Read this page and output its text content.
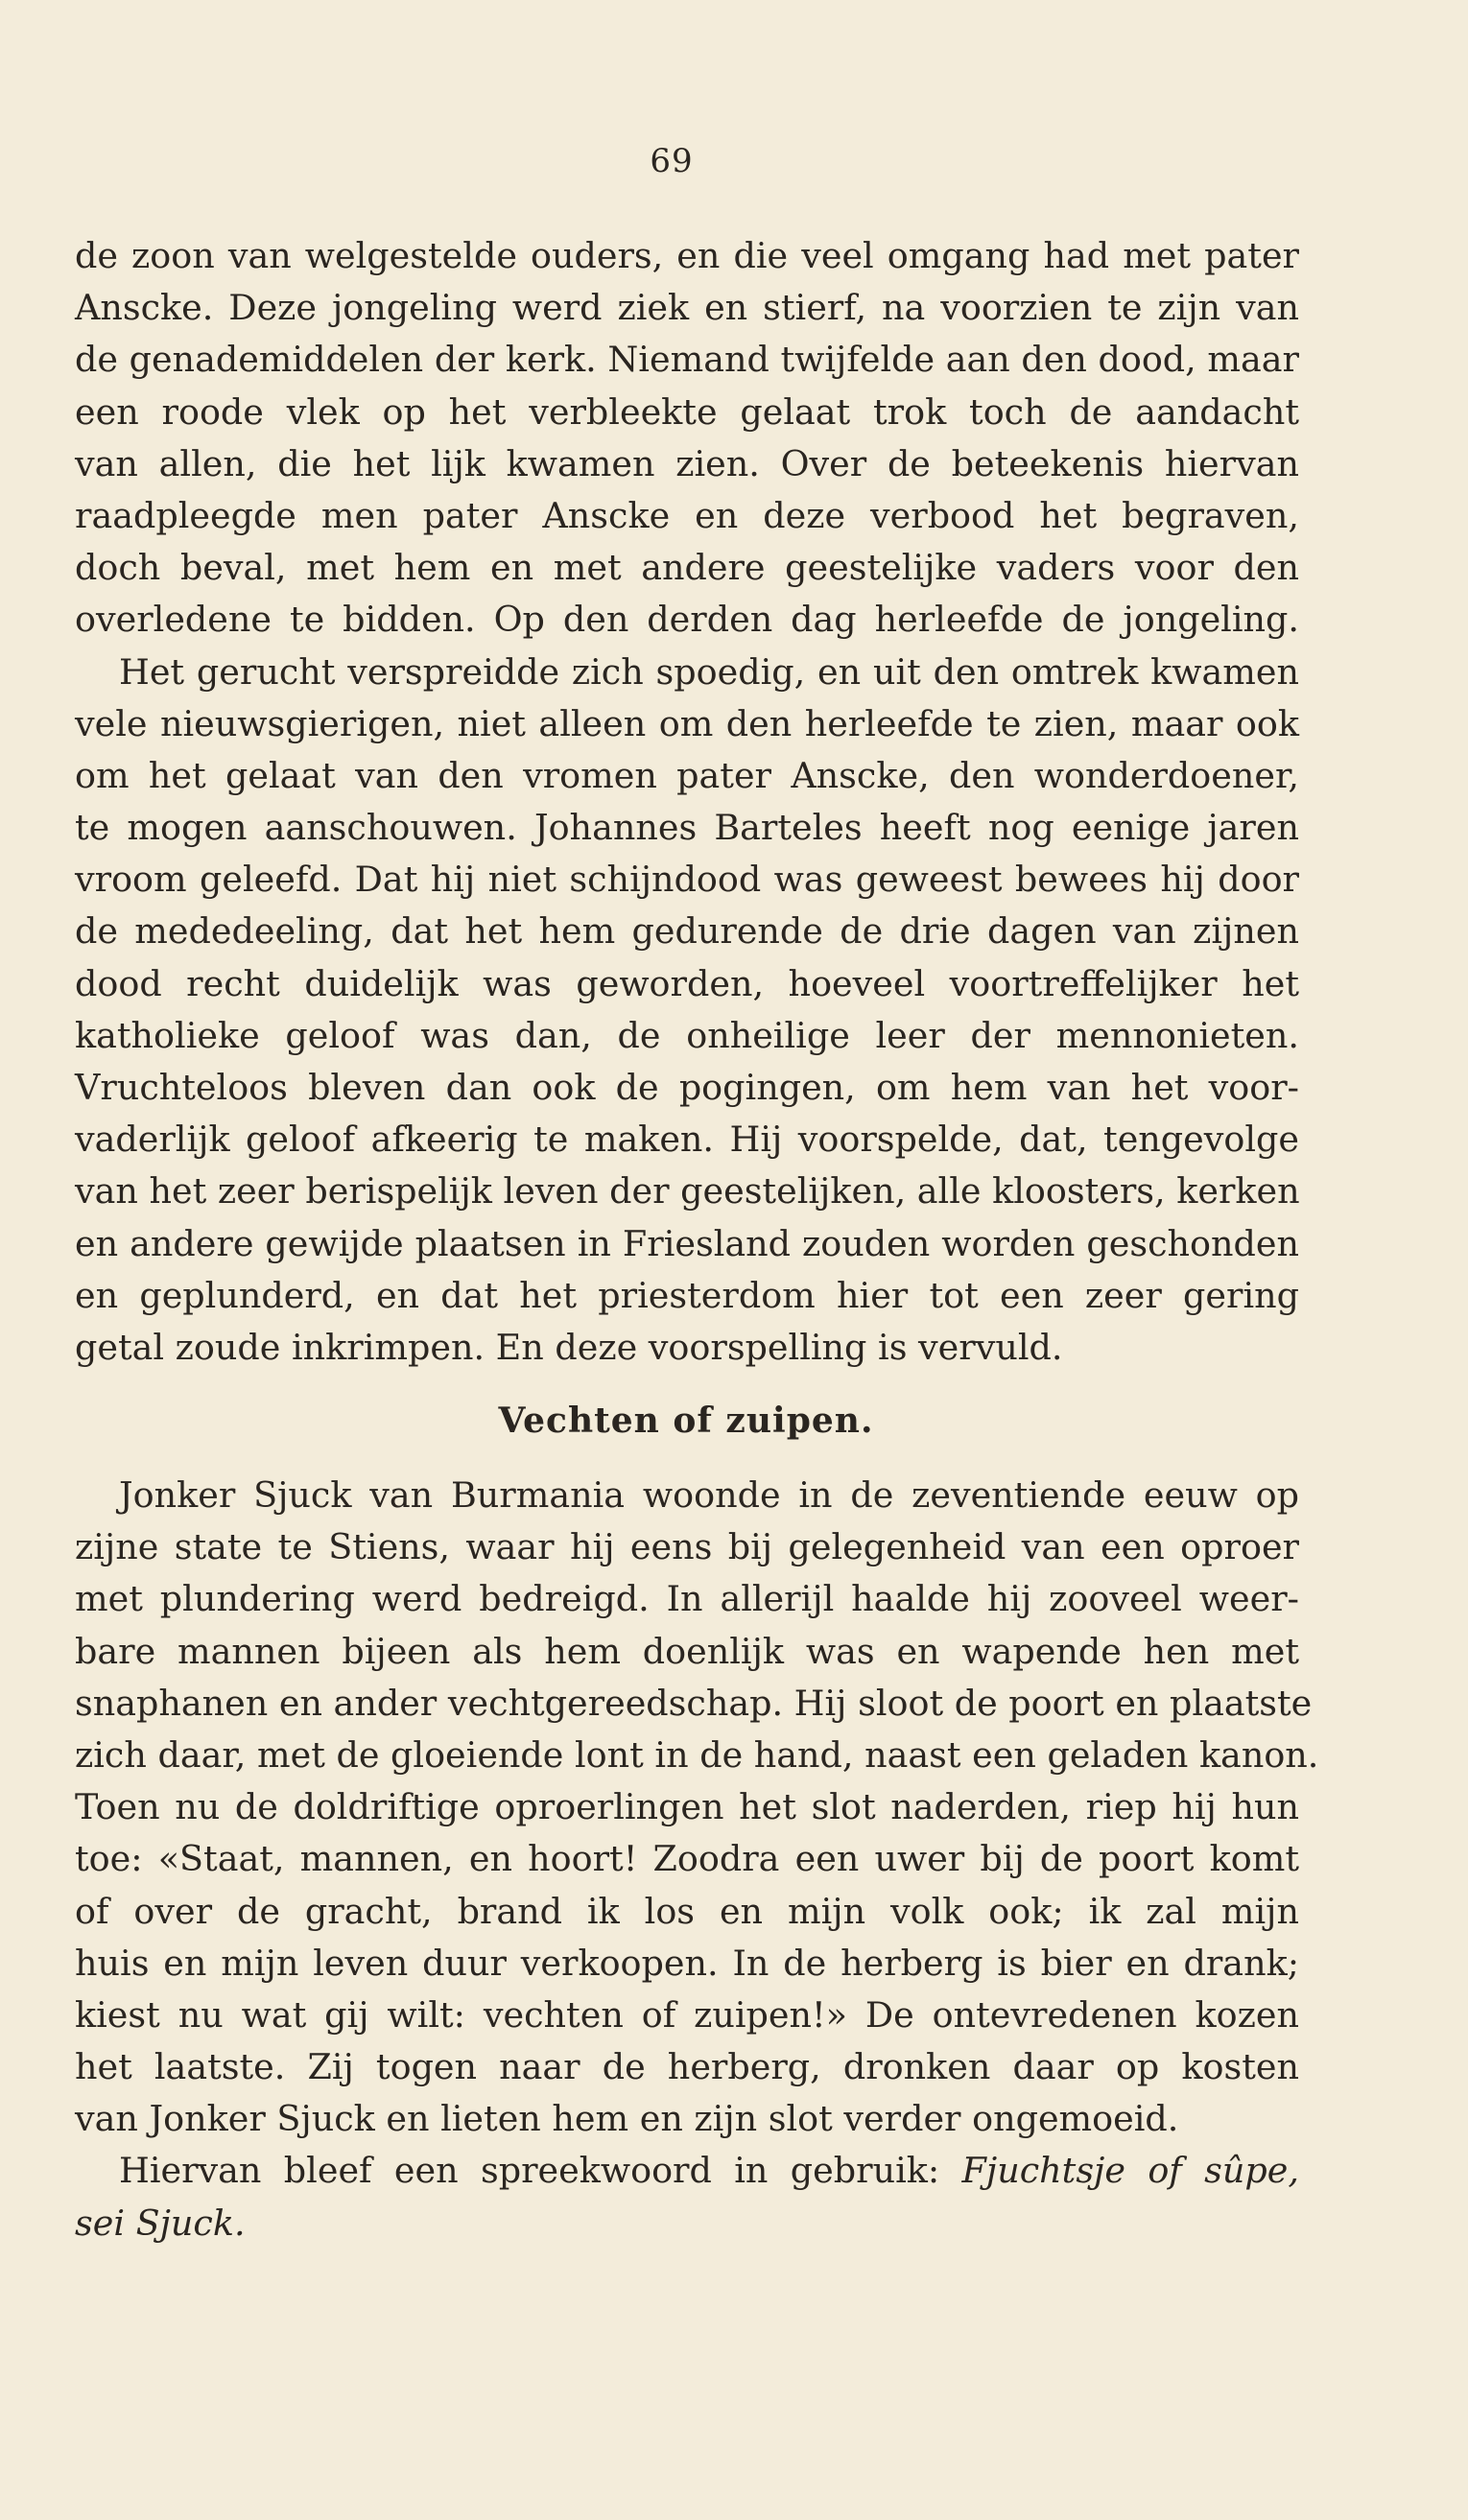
69
de zoon van welgestelde ouders, en die veel omgang had met pater
Anscke. Deze jongeling werd ziek en stierf, na voorzien te zijn van
de genademiddelen der kerk. Niemand twijfelde aan den dood, maar
een roode vlek op het verbleekte gelaat trok toch de aandacht
van allen, die het lijk kwamen zien. Over de beteekenis hiervan
raadpleegde men pater Anscke en deze verbood het begraven,
doch beval, met hem en met andere geestelijke vaders voor den
overledene te bidden. Op den derden dag herleefde de jongeling.
Het gerucht verspreidde zich spoedig, en uit den omtrek kwamen
vele nieuwsgierigen, niet alleen om den herleefde te zien, maar ook
om het gelaat van den vromen pater Anscke, den wonderdoener,
te mogen aanschouwen. Johannes Barteles heeft nog eenige jaren
vroom geleefd. Dat hij niet schijndood was geweest bewees hij door
de mededeeling, dat het hem gedurende de drie dagen van zijnen
dood recht duidelijk was geworden, hoeveel voortreffelijker het
katholieke geloof was dan, de onheilige leer der mennonieten.
Vruchteloos bleven dan ook de pogingen, om hem van het voor-
vaderlijk geloof afkeerig te maken. Hij voorspelde, dat, tengevolge
van het zeer berispelijk leven der geestelijken, alle kloosters, kerken
en andere gewijde plaatsen in Friesland zouden worden geschonden
en geplunderd, en dat het priesterdom hier tot een zeer gering
getal zoude inkrimpen. En deze voorspelling is vervuld.
Vechten of zuipen.
Jonker Sjuck van Burmania woonde in de zeventiende eeuw op
zijne state te Stiens, waar hij eens bij gelegenheid van een oproer
met plundering werd bedreigd. In allerijl haalde hij zooveel weer-
bare mannen bijeen als hem doenlijk was en wapende hen met
snaphanen en ander vechtgereedschap. Hij sloot de poort en plaatste
zich daar, met de gloeiende lont in de hand, naast een geladen kanon.
Toen nu de doldriftige oproerlingen het slot naderden, riep hij hun
toe: «Staat, mannen, en hoort! Zoodra een uwer bij de poort komt
of over de gracht, brand ik los en mijn volk ook; ik zal mijn
huis en mijn leven duur verkoopen. In de herberg is bier en drank;
kiest nu wat gij wilt: vechten of zuipen!» De ontevredenen kozen
het laatste. Zij togen naar de herberg, dronken daar op kosten
van Jonker Sjuck en lieten hem en zijn slot verder ongemoeid.
Hiervan bleef een spreekwoord in gebruik: Fjuchtsje of sûpe,
sei Sjuck.
